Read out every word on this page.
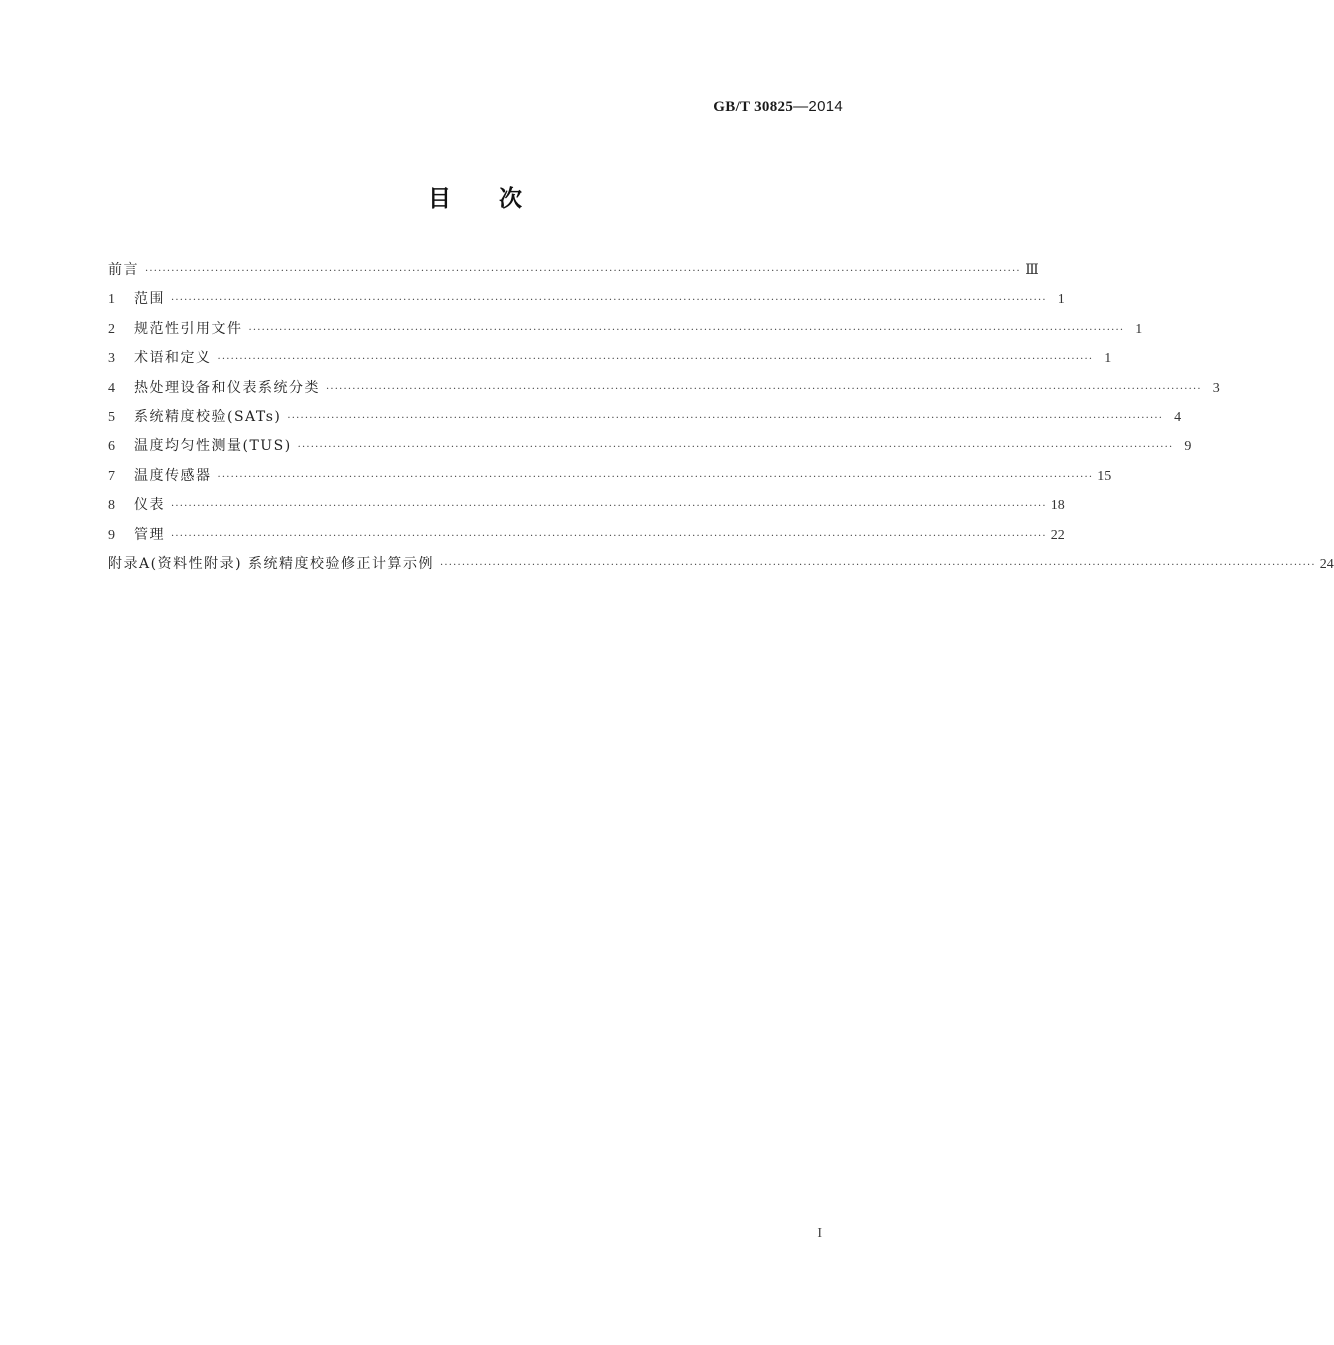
GB/T 30825—2014
目次
前言 ········································································································································································································ Ⅲ
1	范围 ········································································································································································································ 1
2	规范性引用文件 ········································································································································································································ 1
3	术语和定义 ········································································································································································································ 1
4	热处理设备和仪表系统分类 ········································································································································································································ 3
5	系统精度校验(SATs) ········································································································································································································ 4
6	温度均匀性测量(TUS) ········································································································································································································ 9
7	温度传感器 ········································································································································································································ 15
8	仪表 ········································································································································································································ 18
9	管理 ········································································································································································································ 22
附录A(资料性附录) 系统精度校验修正计算示例 ········································································································································································································ 24
I
